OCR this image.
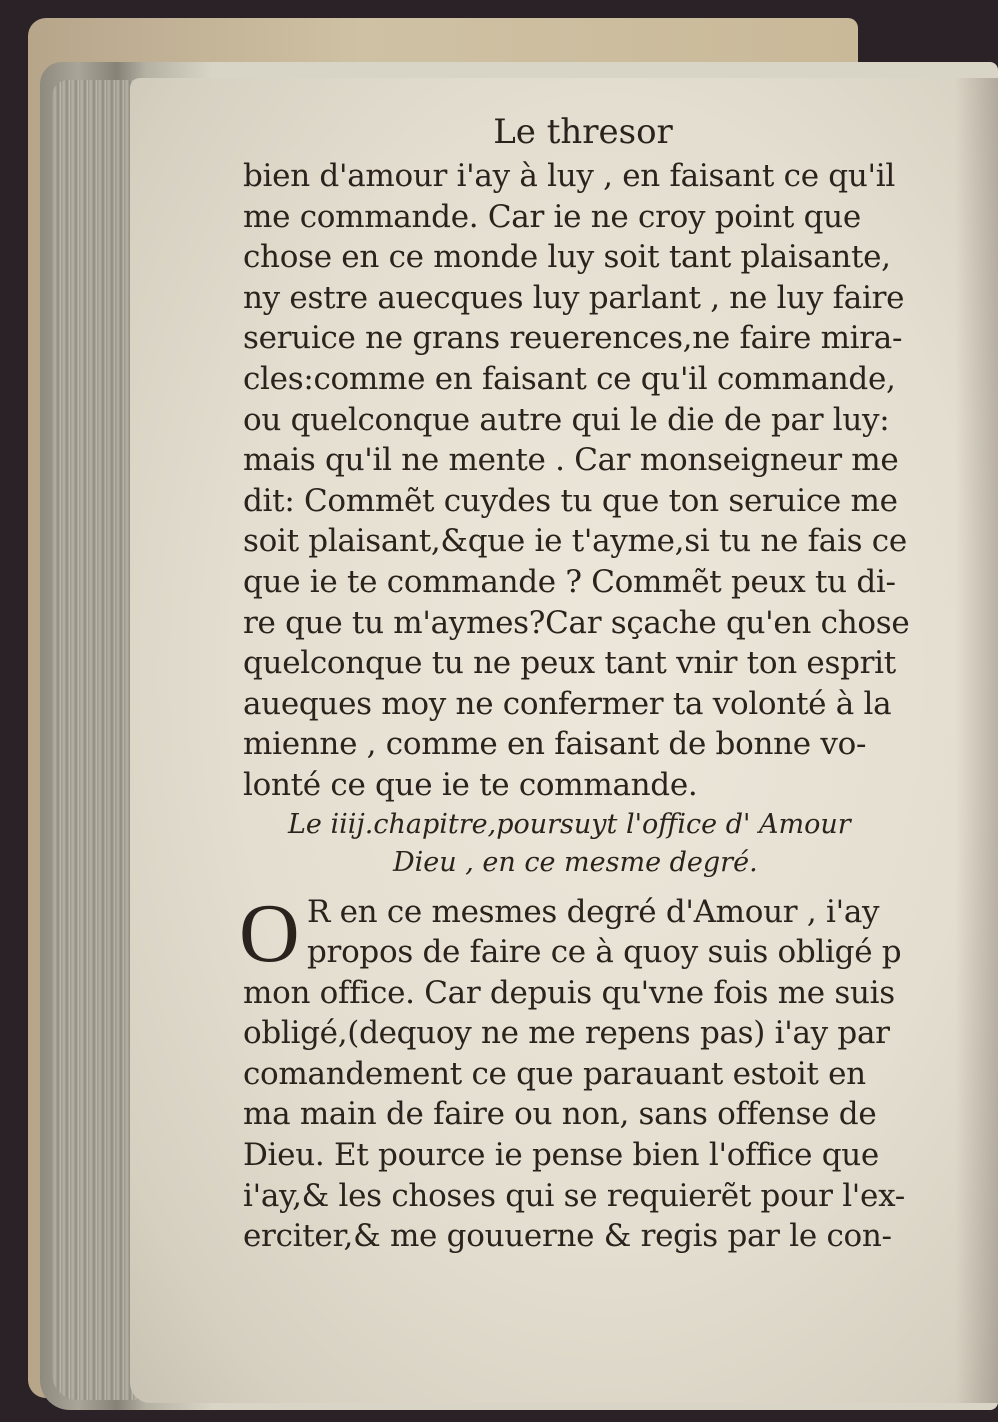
Le thresor
bien d'amour i'ay à luy , en faisant ce qu'il
me commande. Car ie ne croy point que
chose en ce monde luy soit tant plaisante,
ny estre auecques luy parlant , ne luy faire
seruice ne grans reuerences,ne faire mira-
cles:comme en faisant ce qu'il commande,
ou quelconque autre qui le die de par luy:
mais qu'il ne mente . Car monseigneur me
dit: Commẽt cuydes tu que ton seruice me
soit plaisant,&que ie t'ayme,si tu ne fais ce
que ie te commande ? Commẽt peux tu di-
re que tu m'aymes?Car sçache qu'en chose
quelconque tu ne peux tant vnir ton esprit
aueques moy ne confermer ta volonté à la
mienne , comme en faisant de bonne vo-
lonté ce que ie te commande.
Le iiij.chapitre,poursuyt l'office d' Amour
Dieu , en ce mesme degré.
O R en ce mesmes degré d'Amour , i'ay
propos de faire ce à quoy suis obligé p
mon office. Car depuis qu'vne fois me suis
obligé,(dequoy ne me repens pas) i'ay par
comandement ce que parauant estoit en
ma main de faire ou non, sans offense de
Dieu. Et pource ie pense bien l'office que
i'ay,& les choses qui se requierẽt pour l'ex-
erciter,& me gouuerne & regis par le con-
